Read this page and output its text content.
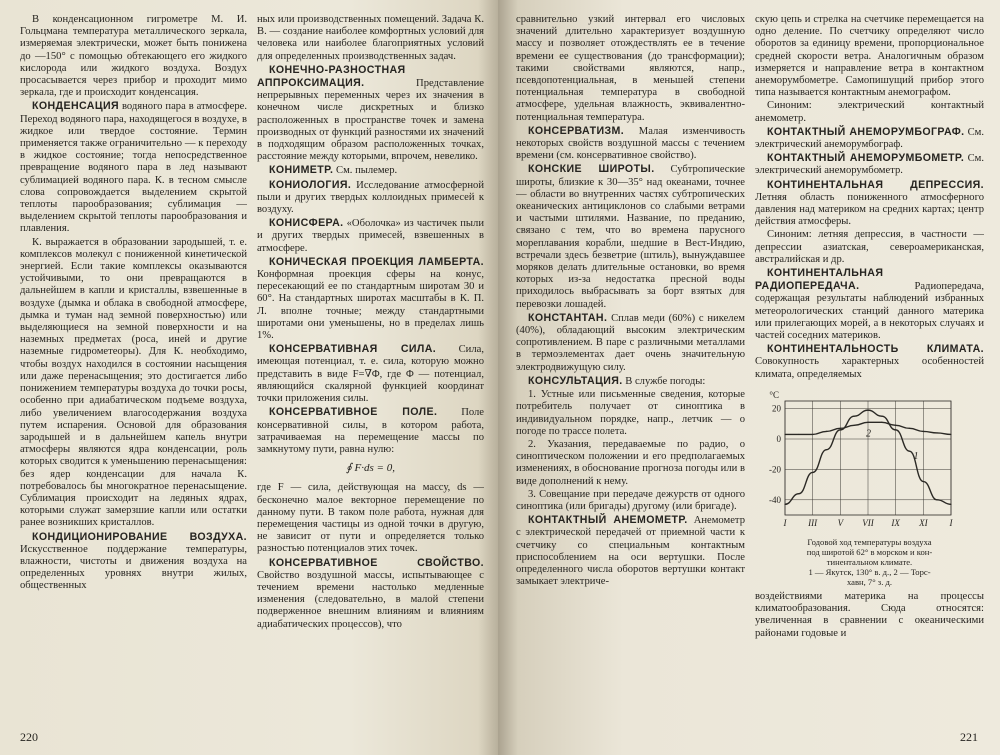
В конденсационном гигрометре М. И. Гольцмана температура металлического зеркала, измеряемая электрически, может быть понижена до —150° с помощью обтекающего его жидкого кислорода или жидкого воздуха. Воздух просасывается через прибор и проходит мимо зеркала, где и происходит конденсация.

КОНДЕНСАЦИЯ водяного пара в атмосфере. Переход водяного пара, находящегося в воздухе, в жидкое или твердое состояние. Термин применяется также ограничительно — к переходу в жидкое состояние; тогда непосредственное превращение водяного пара в лед называют сублимацией водяного пара. К. в тесном смысле слова сопровождается выделением скрытой теплоты парообразования; сублимация — выделением скрытой теплоты парообразования и плавления.

К. выражается в образовании зародышей, т. е. комплексов молекул с пониженной кинетической энергией. Если такие комплексы оказываются устойчивыми, то они превращаются в дальнейшем в капли и кристаллы, взвешенные в воздухе (дымка и облака в свободной атмосфере, дымка и туман над земной поверхностью) или выделяющиеся на земной поверхности и на наземных предметах (роса, иней и другие наземные гидрометеоры). Для К. необходимо, чтобы воздух находился в состоянии насыщения или даже перенасыщения; это достигается либо понижением температуры воздуха до точки росы, особенно при адиабатическом подъеме воздуха, либо увеличением влагосодержания воздуха путем испарения. Основой для образования зародышей и в дальнейшем капель внутри атмосферы являются ядра конденсации, роль которых сводится к уменьшению перенасыщения: без ядер конденсации для начала К. потребовалось бы многократное перенасыщение. Сублимация происходит на ледяных ядрах, которыми служат замерзшие капли или остатки ранее возникших кристаллов.

КОНДИЦИОНИРОВАНИЕ ВОЗДУХА. Искусственное поддержание температуры, влажности, чистоты и движения воздуха на определенных уровнях внутри жилых, общественных

ных или производственных помещений. Задача К. В. — создание наиболее комфортных условий для человека или наиболее благоприятных условий для определенных производственных задач.

КОНЕЧНО-РАЗНОСТНАЯ АППРОКСИМАЦИЯ. Представление непрерывных переменных через их значения в конечном числе дискретных и близко расположенных в пространстве точек и замена производных от функций разностями их значений в подходящим образом расположенных точках, расстояние между которыми, впрочем, невелико.

КОНИМЕТР. См. пылемер.

КОНИОЛОГИЯ. Исследование атмосферной пыли и других твердых коллоидных примесей к воздуху.

КОНИСФЕРА. «Оболочка» из частичек пыли и других твердых примесей, взвешенных в атмосфере.

КОНИЧЕСКАЯ ПРОЕКЦИЯ ЛАМБЕРТА. Конформная проекция сферы на конус, пересекающий ее по стандартным широтам 30 и 60°. На стандартных широтах масштабы в К. П. Л. вполне точные; между стандартными широтами они уменьшены, но в пределах лишь 1%.

КОНСЕРВАТИВНАЯ СИЛА. Сила, имеющая потенциал, т. е. сила, которую можно представить в виде F=∇Φ, где Φ — потенциал, являющийся скалярной функцией координат точки приложения силы.

КОНСЕРВАТИВНОЕ ПОЛЕ. Поле консервативной силы, в котором работа, затрачиваемая на перемещение массы по замкнутому пути, равна нулю:

∮ F·ds = 0,

где F — сила, действующая на массу, ds — бесконечно малое векторное перемещение по данному пути. В таком поле работа, нужная для перемещения частицы из одной точки в другую, не зависит от пути и определяется только разностью потенциалов этих точек.

КОНСЕРВАТИВНОЕ СВОЙСТВО. Свойство воздушной массы, испытывающее с течением времени настолько медленные изменения (следовательно, в малой степени подверженное внешним влияниям и влияниям адиабатических процессов), что

220

сравнительно узкий интервал его числовых значений длительно характеризует воздушную массу и позволяет отождествлять ее в течение времени ее существования (до трансформации); такими свойствами являются, напр., псевдопотенциальная, в меньшей степени потенциальная температура в свободной атмосфере, удельная влажность, эквивалентно-потенциальная температура.

КОНСЕРВАТИЗМ. Малая изменчивость некоторых свойств воздушной массы с течением времени (см. консервативное свойство).

КОНСКИЕ ШИРОТЫ. Субтропические широты, близкие к 30—35° над океанами, точнее — области во внутренних частях субтропических океанических антициклонов со слабыми ветрами и частыми штилями. Название, по преданию, связано с тем, что во времена парусного мореплавания корабли, шедшие в Вест-Индию, встречали здесь безветрие (штиль), вынуждавшее моряков делать длительные остановки, во время которых из-за недостатка пресной воды приходилось выбрасывать за борт взятых для перевозки лошадей.

КОНСТАНТАН. Сплав меди (60%) с никелем (40%), обладающий высоким электрическим сопротивлением. В паре с различными металлами в термоэлементах дает очень значительную электродвижущую силу.

КОНСУЛЬТАЦИЯ. В службе погоды:

1. Устные или письменные сведения, которые потребитель получает от синоптика в индивидуальном порядке, напр., летчик — о погоде по трассе полета.

2. Указания, передаваемые по радио, о синоптическом положении и его предполагаемых изменениях, в обоснование прогноза погоды или в виде дополнений к нему.

3. Совещание при передаче дежурств от одного синоптика (или бригады) другому (или бригаде).

КОНТАКТНЫЙ АНЕМОМЕТР. Анемометр с электрической передачей от приемной части к счетчику со специальным контактным приспособлением на оси вертушки. После определенного числа оборотов вертушки контакт замыкает электриче-

скую цепь и стрелка на счетчике перемещается на одно деление. По счетчику определяют число оборотов за единицу времени, пропорциональное средней скорости ветра. Аналогичным образом измеряется и направление ветра в контактном анеморумбометре. Самопишущий прибор этого типа называется контактным анемографом.

Синоним: электрический контактный анемометр.

КОНТАКТНЫЙ АНЕМОРУМБОГРАФ. См. электрический анеморумбограф.

КОНТАКТНЫЙ АНЕМОРУМБОМЕТР. См. электрический анеморумбометр.

КОНТИНЕНТАЛЬНАЯ ДЕПРЕССИЯ. Летняя область пониженного атмосферного давления над материком на средних картах; центр действия атмосферы.

Синоним: летняя депрессия, в частности — депрессии азиатская, североамериканская, австралийская и др.

КОНТИНЕНТАЛЬНАЯ РАДИОПЕРЕДАЧА. Радиопередача, содержащая результаты наблюдений избранных метеорологических станций данного материка или прилегающих морей, а в некоторых случаях и частей соседних материков.

КОНТИНЕНТАЛЬНОСТЬ КЛИМАТА. Совокупность характерных особенностей климата, определяемых

20
0
-20
-40
I III V VII IX XI I
°C
1
2
Годовой ход температуры воздуха
под широтой 62° в морском и кон-
тинентальном климате.
1 — Якутск, 130° в. д., 2 — Торс-
хавн, 7° з. д.

воздействиями материка на процессы климатообразования. Сюда относятся: увеличенная в сравнении с океаническими районами годовые и

221
